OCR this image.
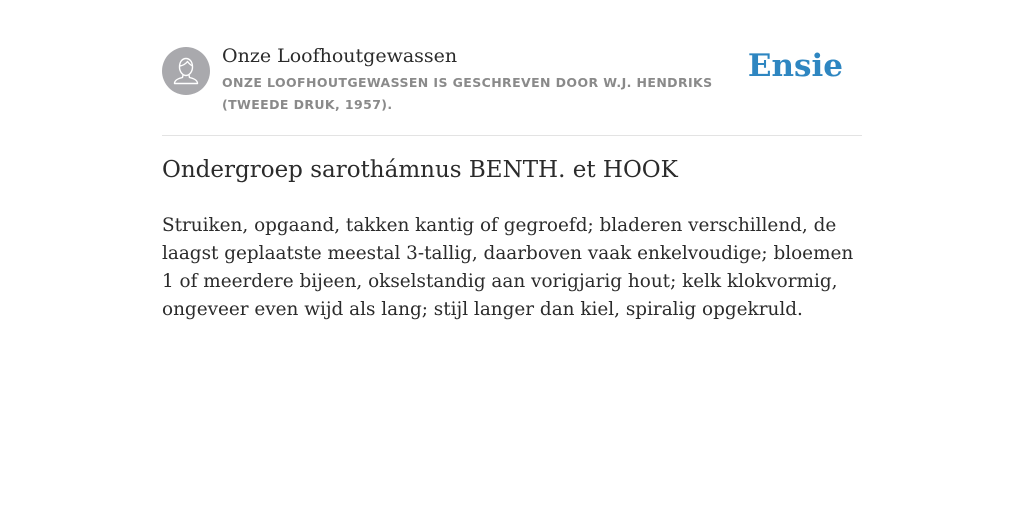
Onze Loofhoutgewassen
ONZE LOOFHOUTGEWASSEN IS GESCHREVEN DOOR W.J. HENDRIKS (TWEEDE DRUK, 1957).
Ensie
Ondergroep sarothámnus BENTH. et HOOK

Struiken, opgaand, takken kantig of gegroefd; bladeren verschillend, de laagst geplaatste meestal 3-tallig, daarboven vaak enkelvoudige; bloemen 1 of meerdere bijeen, okselstandig aan vorigjarig hout; kelk klokvormig, ongeveer even wijd als lang; stijl langer dan kiel, spiralig opgekruld.
